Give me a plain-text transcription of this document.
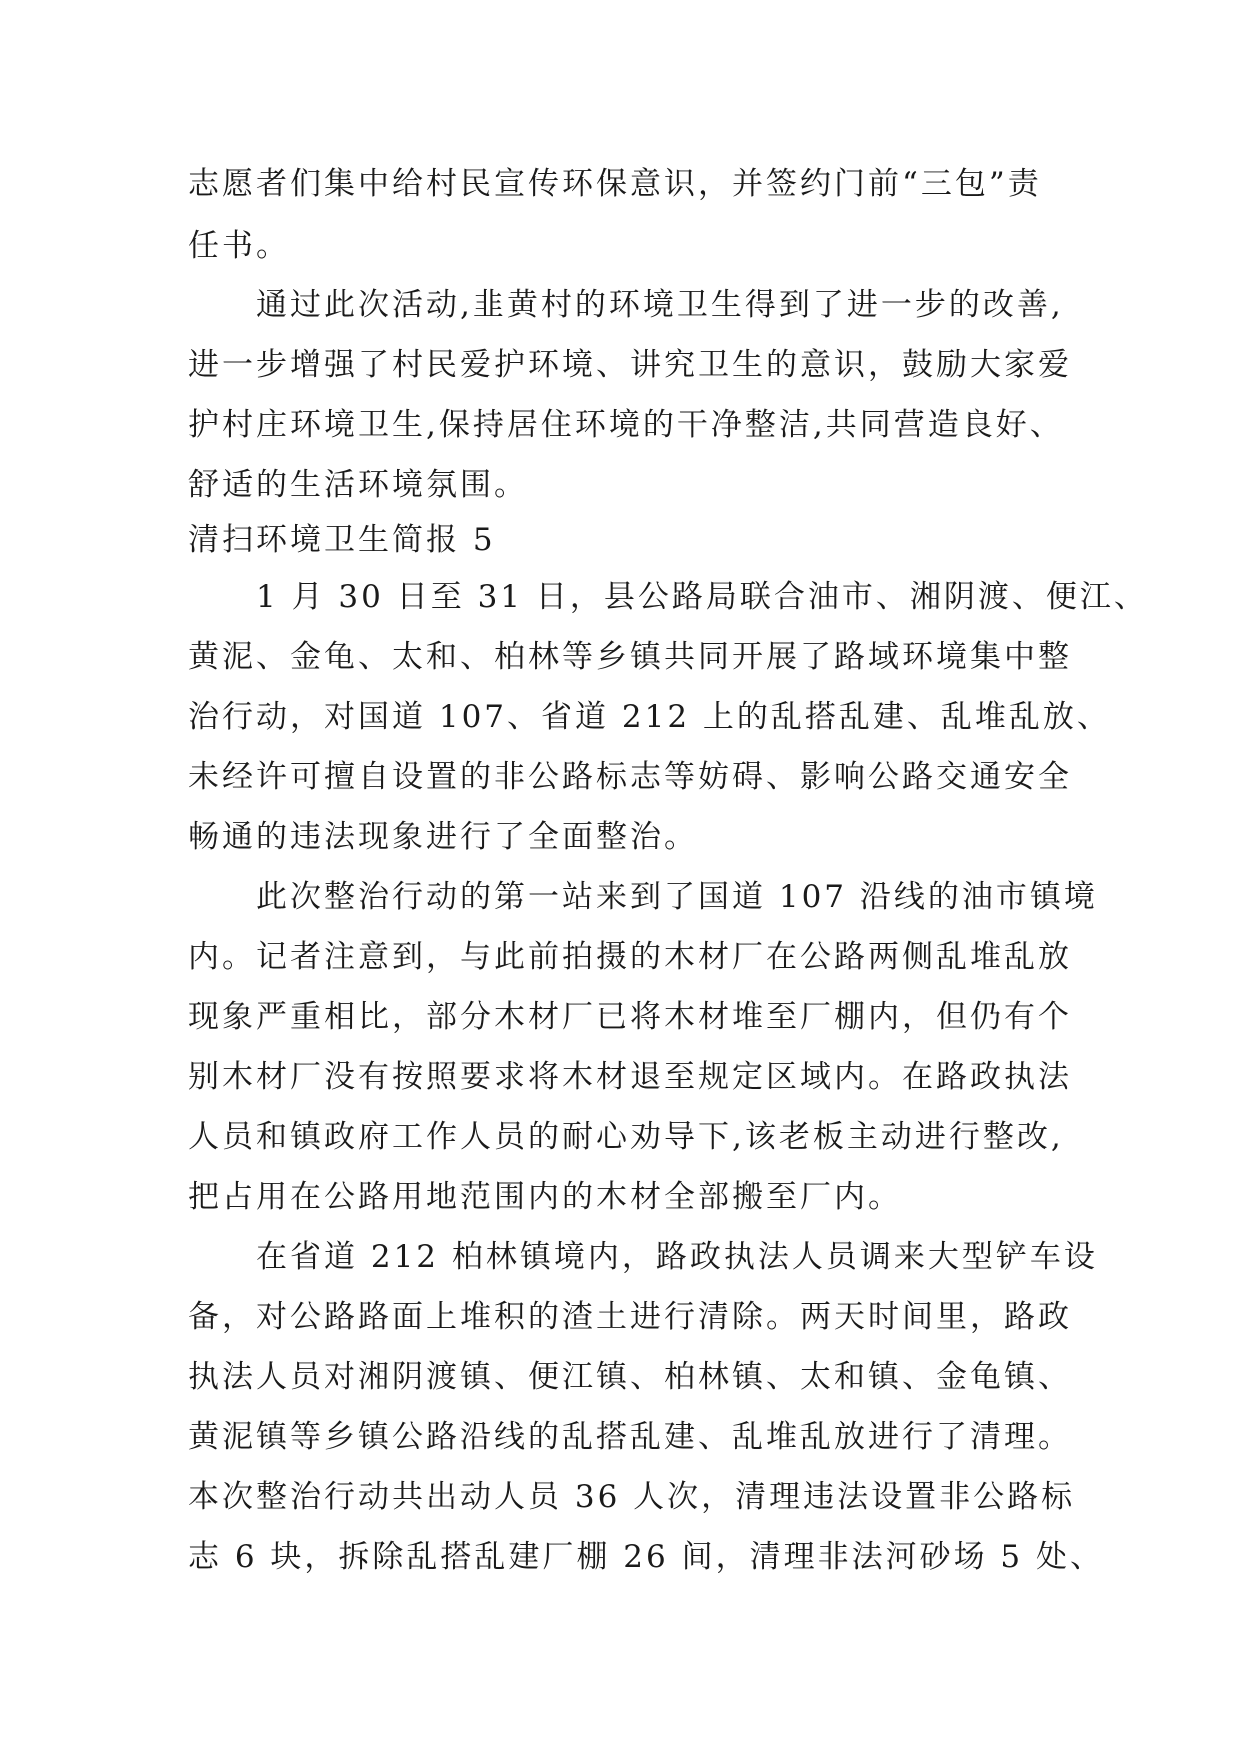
志愿者们集中给村民宣传环保意识，并签约门前“三包”责
任书。
通过此次活动,韭黄村的环境卫生得到了进一步的改善,
进一步增强了村民爱护环境、讲究卫生的意识，鼓励大家爱
护村庄环境卫生,保持居住环境的干净整洁,共同营造良好、
舒适的生活环境氛围。
清扫环境卫生简报 5
1 月 30 日至 31 日，县公路局联合油市、湘阴渡、便江、
黄泥、金龟、太和、柏林等乡镇共同开展了路域环境集中整
治行动，对国道 107、省道 212 上的乱搭乱建、乱堆乱放、
未经许可擅自设置的非公路标志等妨碍、影响公路交通安全
畅通的违法现象进行了全面整治。
此次整治行动的第一站来到了国道 107 沿线的油市镇境
内。记者注意到，与此前拍摄的木材厂在公路两侧乱堆乱放
现象严重相比，部分木材厂已将木材堆至厂棚内，但仍有个
别木材厂没有按照要求将木材退至规定区域内。在路政执法
人员和镇政府工作人员的耐心劝导下,该老板主动进行整改,
把占用在公路用地范围内的木材全部搬至厂内。
在省道 212 柏林镇境内，路政执法人员调来大型铲车设
备，对公路路面上堆积的渣土进行清除。两天时间里，路政
执法人员对湘阴渡镇、便江镇、柏林镇、太和镇、金龟镇、
黄泥镇等乡镇公路沿线的乱搭乱建、乱堆乱放进行了清理。
本次整治行动共出动人员 36 人次，清理违法设置非公路标
志 6 块，拆除乱搭乱建厂棚 26 间，清理非法河砂场 5 处、
